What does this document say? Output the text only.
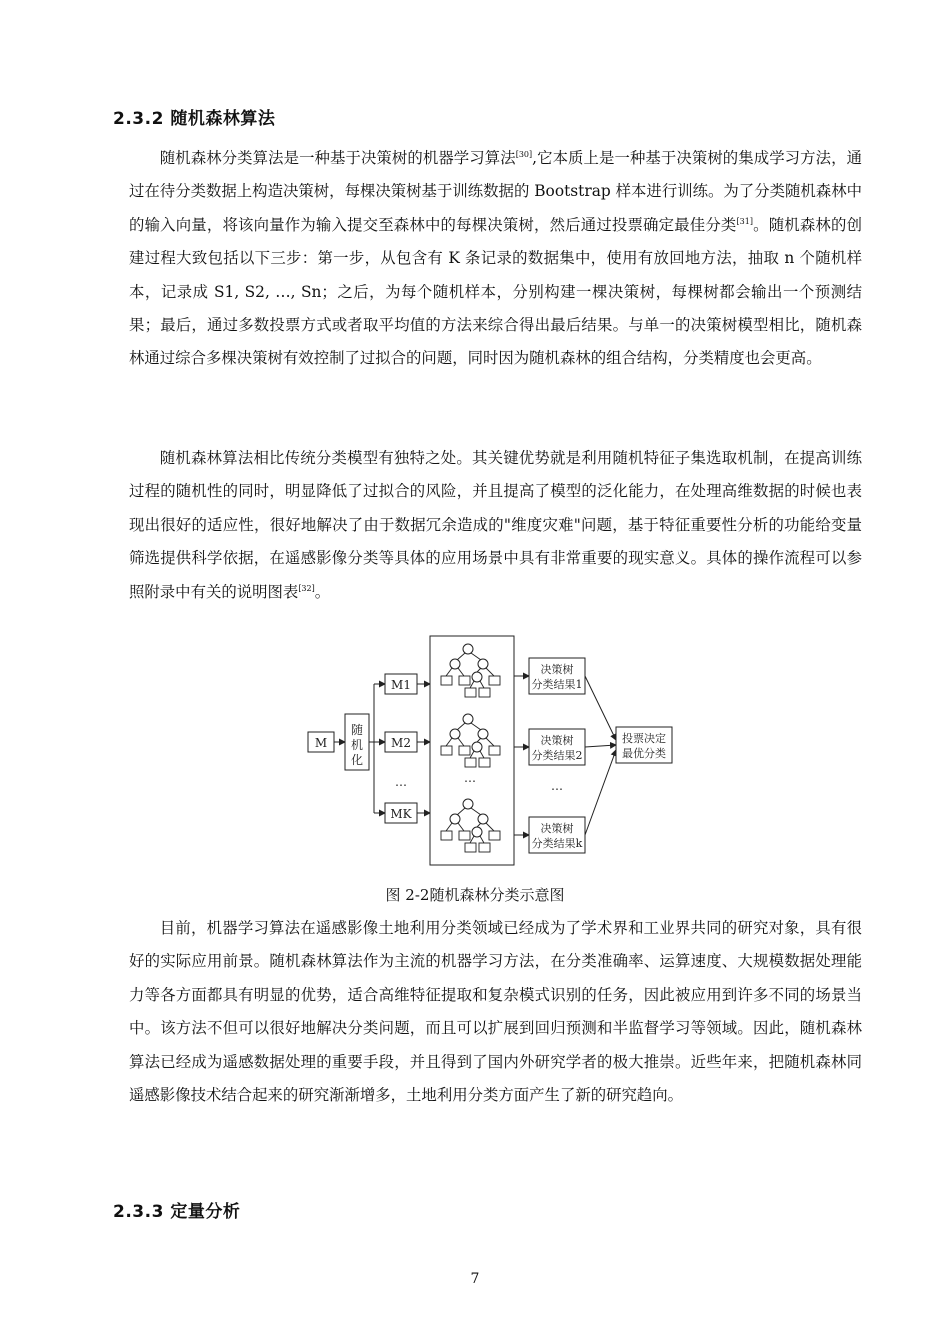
2.3.2 随机森林算法

随机森林分类算法是一种基于决策树的机器学习算法[30],它本质上是一种基于决策树的集成学习方法，通过在待分类数据上构造决策树，每棵决策树基于训练数据的 Bootstrap 样本进行训练。为了分类随机森林中的输入向量，将该向量作为输入提交至森林中的每棵决策树，然后通过投票确定最佳分类[31]。随机森林的创建过程大致包括以下三步：第一步，从包含有 K 条记录的数据集中，使用有放回地方法，抽取 n 个随机样本，记录成 S1, S2, …, Sn；之后，为每个随机样本，分别构建一棵决策树，每棵树都会输出一个预测结果；最后，通过多数投票方式或者取平均值的方法来综合得出最后结果。与单一的决策树模型相比，随机森林通过综合多棵决策树有效控制了过拟合的问题，同时因为随机森林的组合结构，分类精度也会更高。

随机森林算法相比传统分类模型有独特之处。其关键优势就是利用随机特征子集选取机制，在提高训练过程的随机性的同时，明显降低了过拟合的风险，并且提高了模型的泛化能力，在处理高维数据的时候也表现出很好的适应性，很好地解决了由于数据冗余造成的"维度灾难"问题，基于特征重要性分析的功能给变量筛选提供科学依据，在遥感影像分类等具体的应用场景中具有非常重要的现实意义。具体的操作流程可以参照附录中有关的说明图表[32]。

M
随
机
化
M1
M2
…
MK
…
决策树
分类结果1
决策树
分类结果2
…
决策树
分类结果k
投票决定
最优分类
图 2-2随机森林分类示意图

目前，机器学习算法在遥感影像土地利用分类领域已经成为了学术界和工业界共同的研究对象，具有很好的实际应用前景。随机森林算法作为主流的机器学习方法，在分类准确率、运算速度、大规模数据处理能力等各方面都具有明显的优势，适合高维特征提取和复杂模式识别的任务，因此被应用到许多不同的场景当中。该方法不但可以很好地解决分类问题，而且可以扩展到回归预测和半监督学习等领域。因此，随机森林算法已经成为遥感数据处理的重要手段，并且得到了国内外研究学者的极大推崇。近些年来，把随机森林同遥感影像技术结合起来的研究渐渐增多，土地利用分类方面产生了新的研究趋向。

2.3.3 定量分析
7
